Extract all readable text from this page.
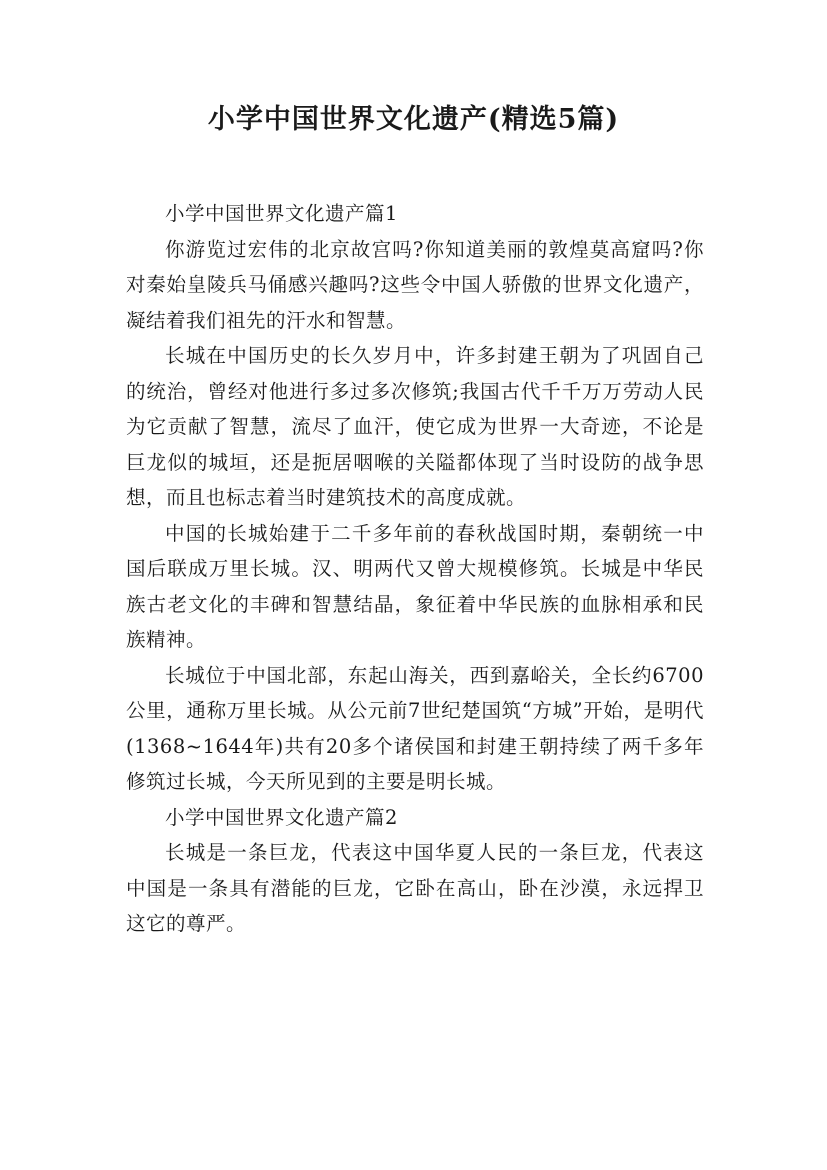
小学中国世界文化遗产(精选5篇)
小学中国世界文化遗产篇1

你游览过宏伟的北京故宫吗?你知道美丽的敦煌莫高窟吗?你对秦始皇陵兵马俑感兴趣吗?这些令中国人骄傲的世界文化遗产，凝结着我们祖先的汗水和智慧。

长城在中国历史的长久岁月中，许多封建王朝为了巩固自己的统治，曾经对他进行多过多次修筑;我国古代千千万万劳动人民为它贡献了智慧，流尽了血汗，使它成为世界一大奇迹，不论是巨龙似的城垣，还是扼居咽喉的关隘都体现了当时设防的战争思想，而且也标志着当时建筑技术的高度成就。

中国的长城始建于二千多年前的春秋战国时期，秦朝统一中国后联成万里长城。汉、明两代又曾大规模修筑。长城是中华民族古老文化的丰碑和智慧结晶，象征着中华民族的血脉相承和民族精神。

长城位于中国北部，东起山海关，西到嘉峪关，全长约6700公里，通称万里长城。从公元前7世纪楚国筑“方城”开始，是明代(1368~1644年)共有20多个诸侯国和封建王朝持续了两千多年修筑过长城，今天所见到的主要是明长城。

小学中国世界文化遗产篇2

长城是一条巨龙，代表这中国华夏人民的一条巨龙，代表这中国是一条具有潜能的巨龙，它卧在高山，卧在沙漠，永远捍卫这它的尊严。
